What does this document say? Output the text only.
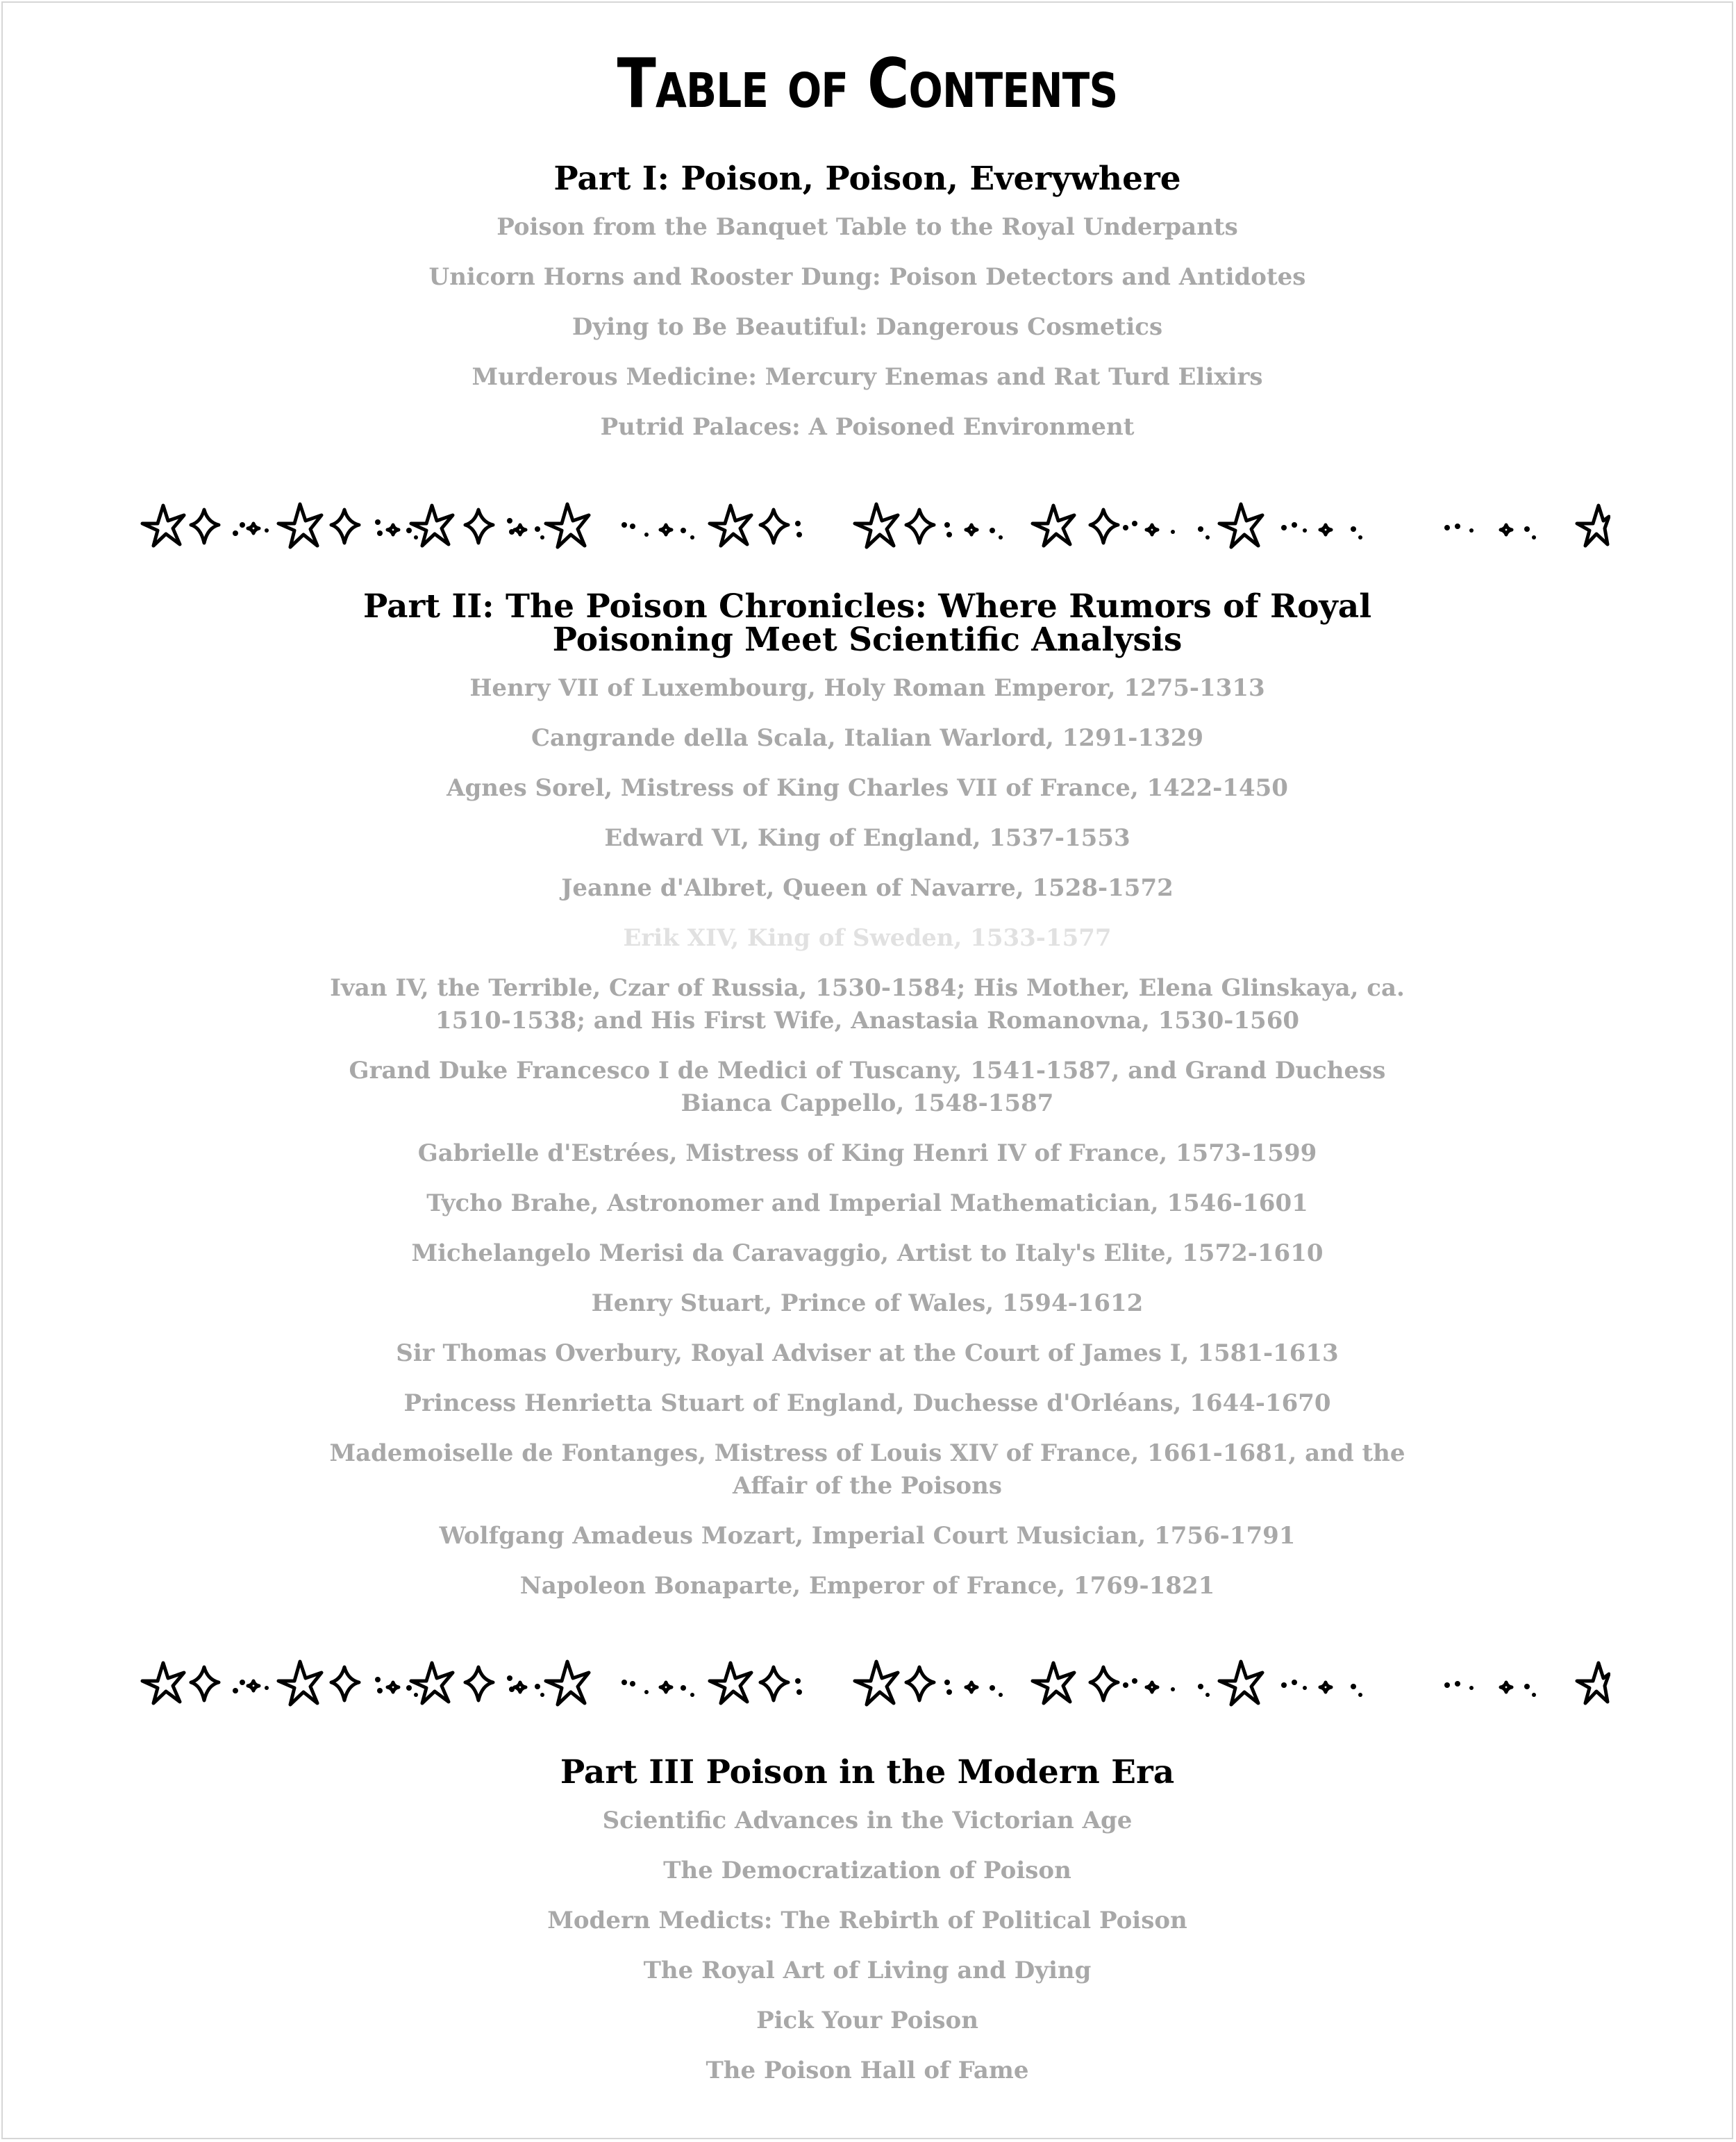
Table of Contents
Part I: Poison, Poison, Everywhere
Poison from the Banquet Table to the Royal Underpants
Unicorn Horns and Rooster Dung: Poison Detectors and Antidotes
Dying to Be Beautiful: Dangerous Cosmetics
Murderous Medicine: Mercury Enemas and Rat Turd Elixirs
Putrid Palaces: A Poisoned Environment
Part II: The Poison Chronicles: Where Rumors of Royal Poisoning Meet Scientific Analysis
Henry VII of Luxembourg, Holy Roman Emperor, 1275-1313
Cangrande della Scala, Italian Warlord, 1291-1329
Agnes Sorel, Mistress of King Charles VII of France, 1422-1450
Edward VI, King of England, 1537-1553
Jeanne d'Albret, Queen of Navarre, 1528-1572
Erik XIV, King of Sweden, 1533-1577
Ivan IV, the Terrible, Czar of Russia, 1530-1584; His Mother, Elena Glinskaya, ca. 1510-1538; and His First Wife, Anastasia Romanovna, 1530-1560
Grand Duke Francesco I de Medici of Tuscany, 1541-1587, and Grand Duchess Bianca Cappello, 1548-1587
Gabrielle d'Estrées, Mistress of King Henri IV of France, 1573-1599
Tycho Brahe, Astronomer and Imperial Mathematician, 1546-1601
Michelangelo Merisi da Caravaggio, Artist to Italy's Elite, 1572-1610
Henry Stuart, Prince of Wales, 1594-1612
Sir Thomas Overbury, Royal Adviser at the Court of James I, 1581-1613
Princess Henrietta Stuart of England, Duchesse d'Orléans, 1644-1670
Mademoiselle de Fontanges, Mistress of Louis XIV of France, 1661-1681, and the Affair of the Poisons
Wolfgang Amadeus Mozart, Imperial Court Musician, 1756-1791
Napoleon Bonaparte, Emperor of France, 1769-1821
Part III Poison in the Modern Era
Scientific Advances in the Victorian Age
The Democratization of Poison
Modern Medicts: The Rebirth of Political Poison
The Royal Art of Living and Dying
Pick Your Poison
The Poison Hall of Fame
